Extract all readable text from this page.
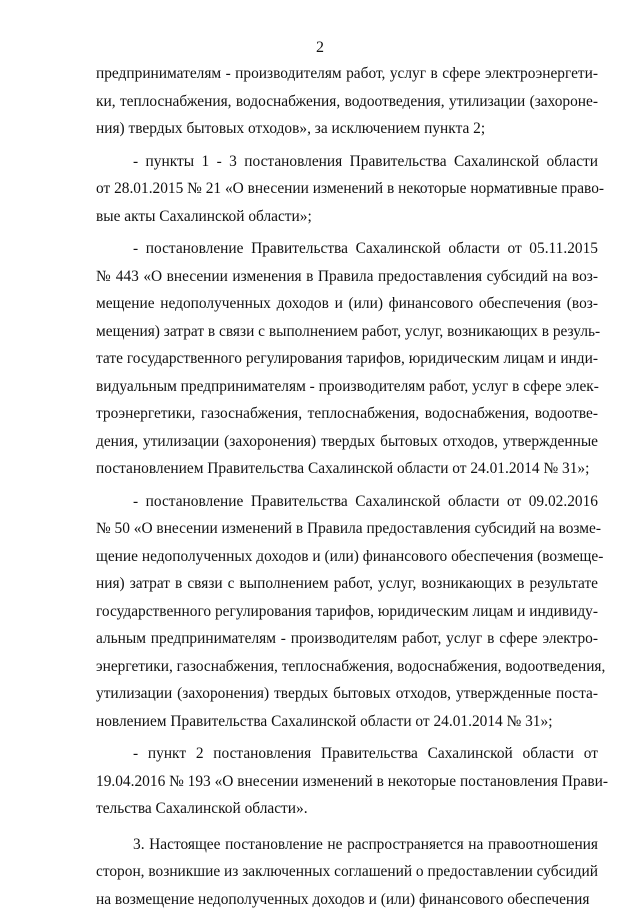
2
предпринимателям - производителям работ, услуг в сфере электроэнергети-
ки, теплоснабжения, водоснабжения, водоотведения, утилизации (захороне-
ния) твердых бытовых отходов», за исключением пункта 2;
- пункты 1 - 3 постановления Правительства Сахалинской области
от 28.01.2015 № 21 «О внесении изменений в некоторые нормативные право-
вые акты Сахалинской области»;
- постановление Правительства Сахалинской области от 05.11.2015
№ 443 «О внесении изменения в Правила предоставления субсидий на воз-
мещение недополученных доходов и (или) финансового обеспечения (воз-
мещения) затрат в связи с выполнением работ, услуг, возникающих в резуль-
тате государственного регулирования тарифов, юридическим лицам и инди-
видуальным предпринимателям - производителям работ, услуг в сфере элек-
троэнергетики, газоснабжения, теплоснабжения, водоснабжения, водоотве-
дения, утилизации (захоронения) твердых бытовых отходов, утвержденные
постановлением Правительства Сахалинской области от 24.01.2014 № 31»;
- постановление Правительства Сахалинской области от 09.02.2016
№ 50 «О внесении изменений в Правила предоставления субсидий на возме-
щение недополученных доходов и (или) финансового обеспечения (возмеще-
ния) затрат в связи с выполнением работ, услуг, возникающих в результате
государственного регулирования тарифов, юридическим лицам и индивиду-
альным предпринимателям - производителям работ, услуг в сфере электро-
энергетики, газоснабжения, теплоснабжения, водоснабжения, водоотведения,
утилизации (захоронения) твердых бытовых отходов, утвержденные поста-
новлением Правительства Сахалинской области от 24.01.2014 № 31»;
- пункт 2 постановления Правительства Сахалинской области от
19.04.2016 № 193 «О внесении изменений в некоторые постановления Прави-
тельства Сахалинской области».
3. Настоящее постановление не распространяется на правоотношения
сторон, возникшие из заключенных соглашений о предоставлении субсидий
на возмещение недополученных доходов и (или) финансового обеспечения
